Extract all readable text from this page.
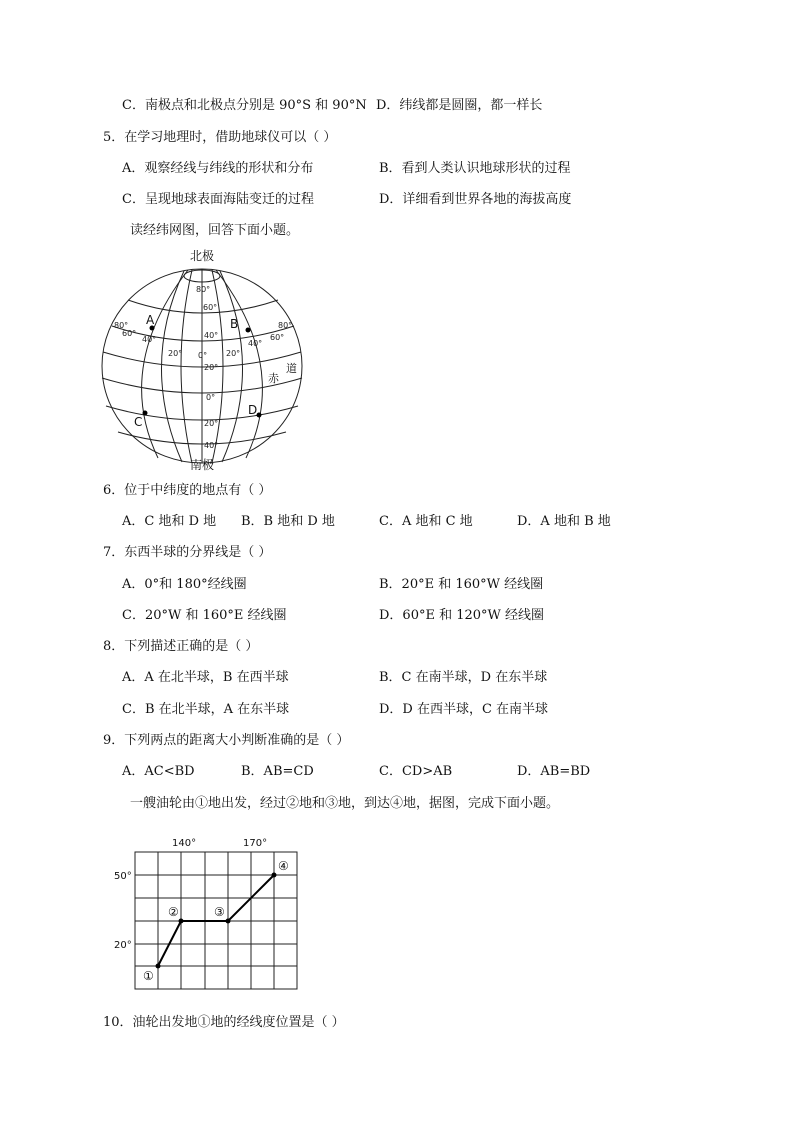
C．南极点和北极点分别是 90°S 和 90°N D．纬线都是圆圈，都一样长
5．在学习地理时，借助地球仪可以（ ）
A．观察经线与纬线的形状和分布	B．看到人类认识地球形状的过程
C．呈现地球表面海陆变迁的过程	D．详细看到世界各地的海拔高度
读经纬网图，回答下面小题。
北极
南极
A	B
C
D
赤
道
80°
60°
40°
20°
0°
20°
40°
80°
60°
40°
20° 0° 20°
40°
60°
80°
6．位于中纬度的地点有（ ）
A．C 地和 D 地 B．B 地和 D 地	C．A 地和 C 地	D．A 地和 B 地
7．东西半球的分界线是（ ）
A．0°和 180°经线圈	B．20°E 和 160°W 经线圈
C．20°W 和 160°E 经线圈	D．60°E 和 120°W 经线圈
8．下列描述正确的是（ ）
A．A 在北半球，B 在西半球	B．C 在南半球，D 在东半球
C．B 在北半球，A 在东半球	D．D 在西半球，C 在南半球
9．下列两点的距离大小判断准确的是（ ）
A．AC<BD	B．AB=CD	C．CD>AB	D．AB=BD
一艘油轮由①地出发，经过②地和③地，到达④地，据图，完成下面小题。
140°	170°
50°
20°
①
②	③
④
10．油轮出发地①地的经线度位置是（ ）
